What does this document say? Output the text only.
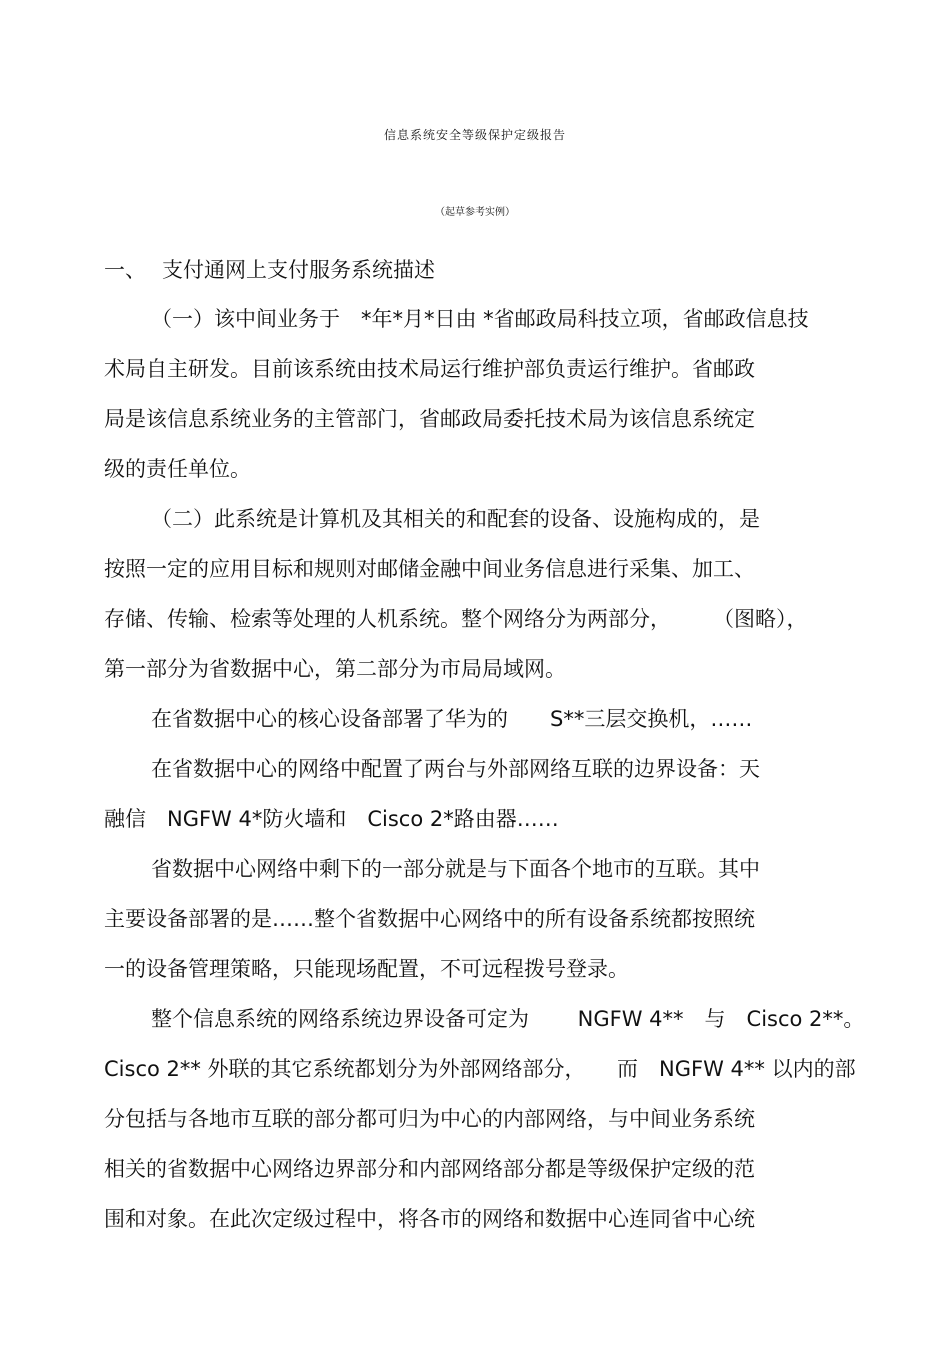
信息系统安全等级保护定级报告
（起草参考实例）
一、 支付通网上支付服务系统描述
（一）该中间业务于　*年*月*日由 *省邮政局科技立项，省邮政信息技
术局自主研发。目前该系统由技术局运行维护部负责运行维护。省邮政
局是该信息系统业务的主管部门，省邮政局委托技术局为该信息系统定
级的责任单位。
（二）此系统是计算机及其相关的和配套的设备、设施构成的，是
按照一定的应用目标和规则对邮储金融中间业务信息进行采集、加工、
存储、传输、检索等处理的人机系统。整个网络分为两部分，　　　（图略），
第一部分为省数据中心，第二部分为市局局域网。
在省数据中心的核心设备部署了华为的　　S**三层交换机，……
在省数据中心的网络中配置了两台与外部网络互联的边界设备：天
融信　NGFW 4*防火墙和　Cisco 2*路由器……
省数据中心网络中剩下的一部分就是与下面各个地市的互联。其中
主要设备部署的是……整个省数据中心网络中的所有设备系统都按照统
一的设备管理策略，只能现场配置，不可远程拨号登录。
整个信息系统的网络系统边界设备可定为　　 NGFW 4**　与　Cisco 2**。
Cisco 2** 外联的其它系统都划分为外部网络部分，　　而　NGFW 4** 以内的部
分包括与各地市互联的部分都可归为中心的内部网络，与中间业务系统
相关的省数据中心网络边界部分和内部网络部分都是等级保护定级的范
围和对象。在此次定级过程中，将各市的网络和数据中心连同省中心统
